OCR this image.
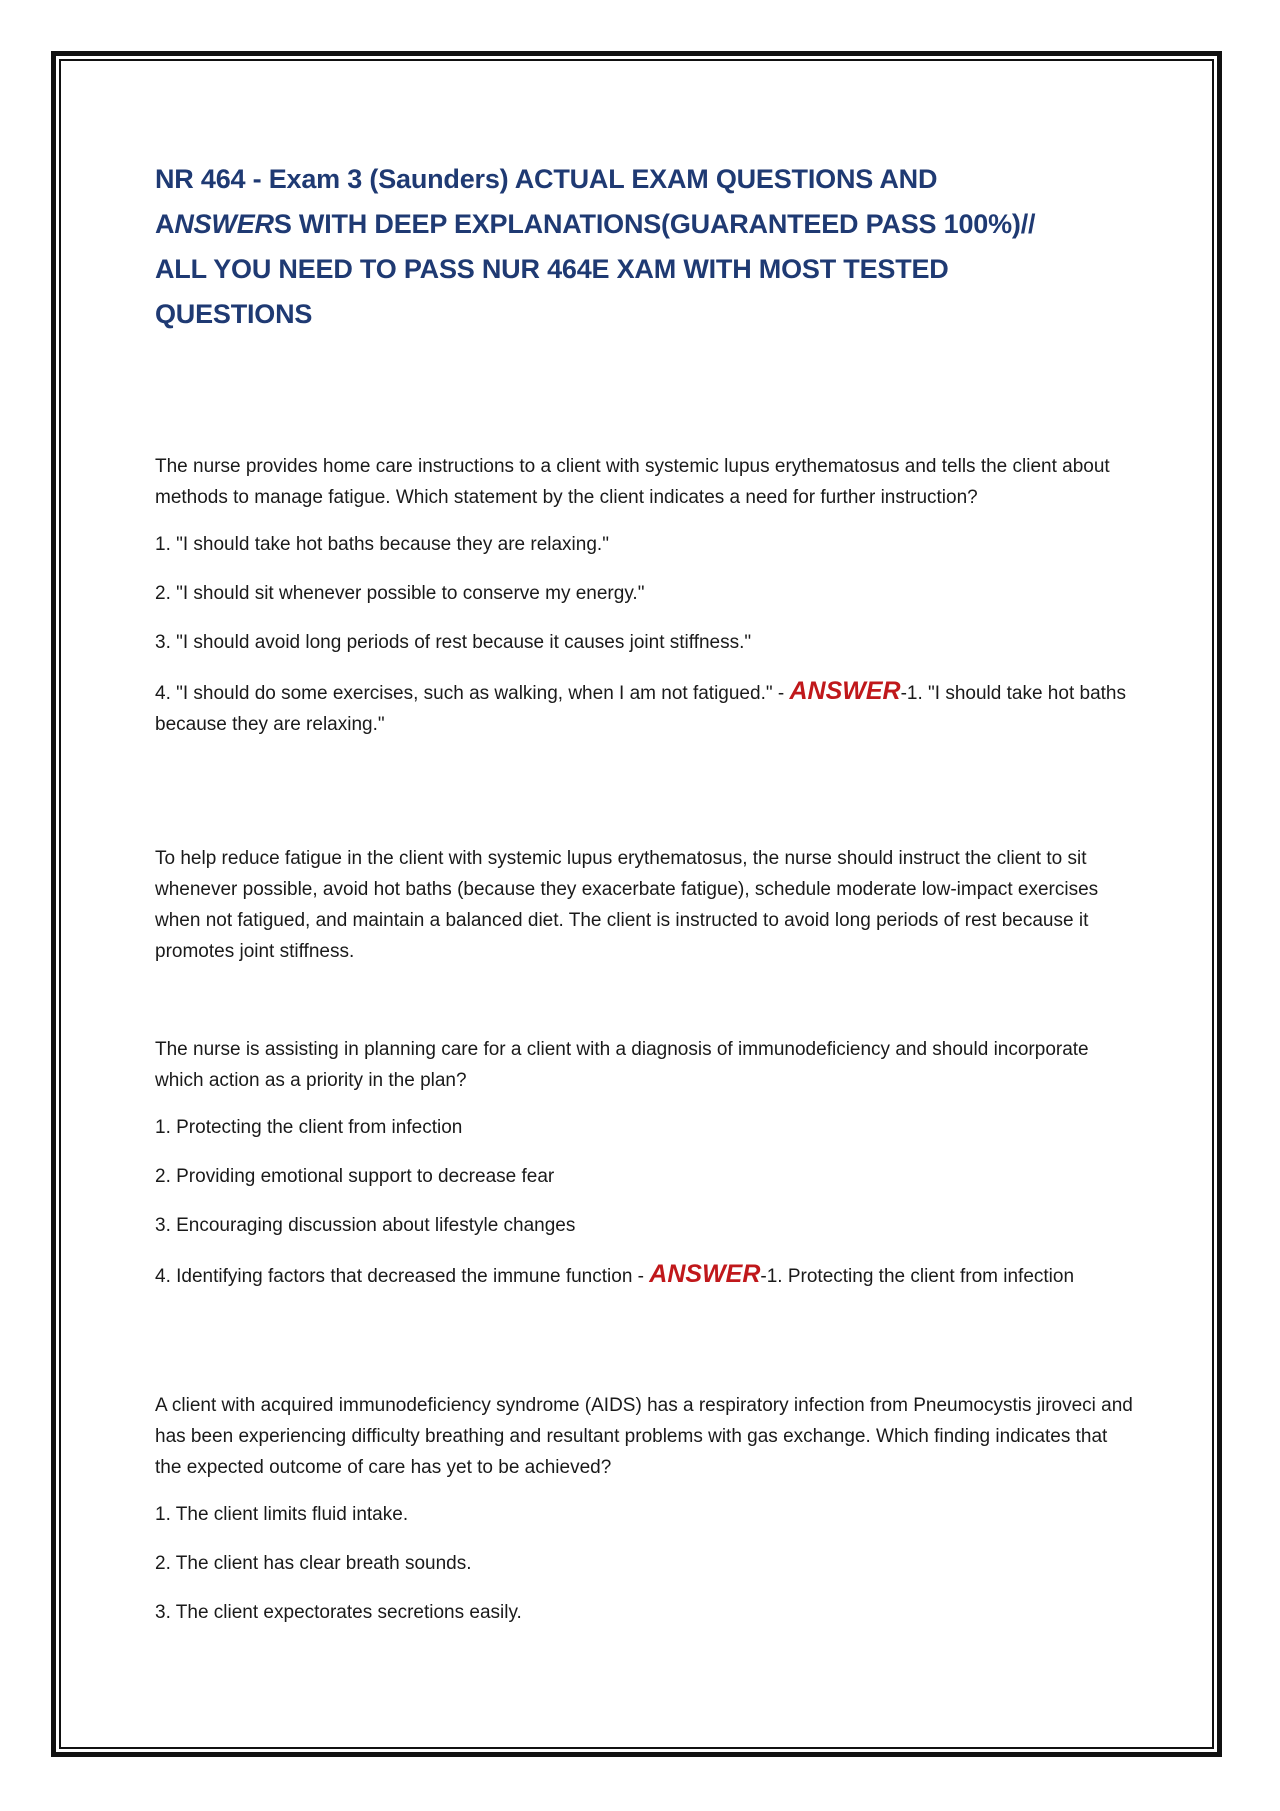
NR 464 - Exam 3 (Saunders) ACTUAL EXAM QUESTIONS AND
ANSWERS WITH DEEP EXPLANATIONS(GUARANTEED PASS 100%)//
ALL YOU NEED TO PASS NUR 464E XAM WITH MOST TESTED
QUESTIONS

The nurse provides home care instructions to a client with systemic lupus erythematosus and tells the client about methods to manage fatigue. Which statement by the client indicates a need for further instruction?

1. "I should take hot baths because they are relaxing."

2. "I should sit whenever possible to conserve my energy."

3. "I should avoid long periods of rest because it causes joint stiffness."

4. "I should do some exercises, such as walking, when I am not fatigued." - ANSWER-1. "I should take hot baths because they are relaxing."

To help reduce fatigue in the client with systemic lupus erythematosus, the nurse should instruct the client to sit whenever possible, avoid hot baths (because they exacerbate fatigue), schedule moderate low-impact exercises when not fatigued, and maintain a balanced diet. The client is instructed to avoid long periods of rest because it promotes joint stiffness.

The nurse is assisting in planning care for a client with a diagnosis of immunodeficiency and should incorporate which action as a priority in the plan?

1. Protecting the client from infection

2. Providing emotional support to decrease fear

3. Encouraging discussion about lifestyle changes

4. Identifying factors that decreased the immune function - ANSWER-1. Protecting the client from infection

A client with acquired immunodeficiency syndrome (AIDS) has a respiratory infection from Pneumocystis jiroveci and has been experiencing difficulty breathing and resultant problems with gas exchange. Which finding indicates that the expected outcome of care has yet to be achieved?

1. The client limits fluid intake.

2. The client has clear breath sounds.

3. The client expectorates secretions easily.
